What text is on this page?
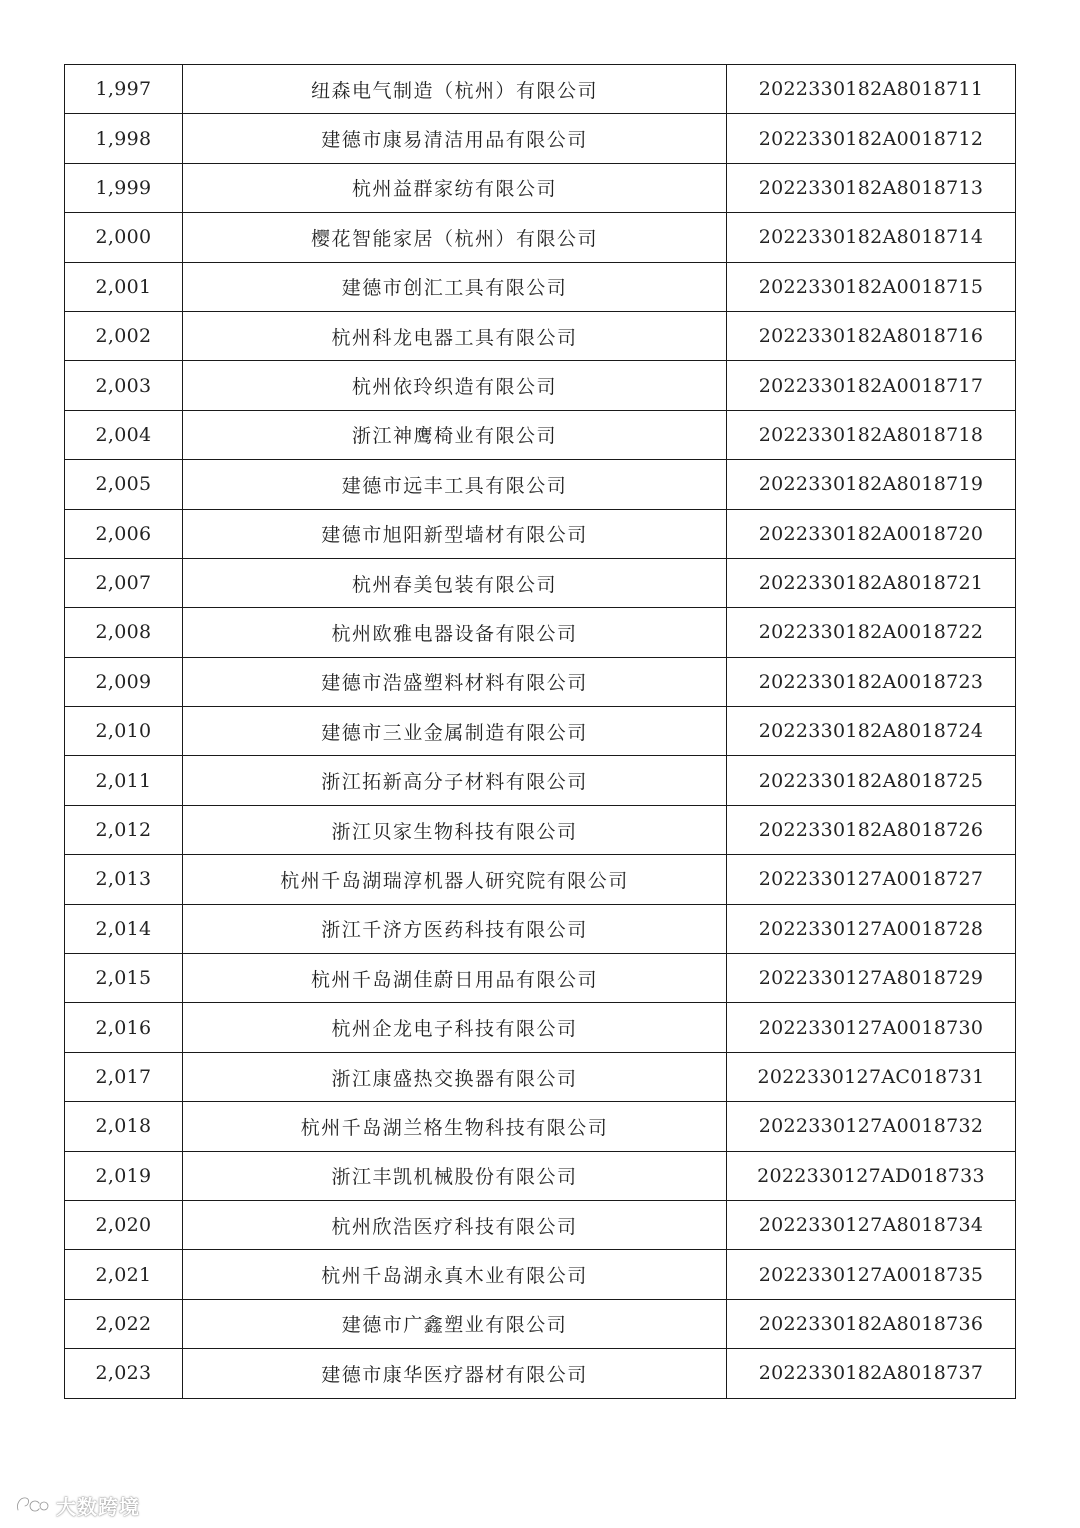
1,997	纽森电气制造（杭州）有限公司	2022330182A8018711
1,998	建德市康易清洁用品有限公司	2022330182A0018712
1,999	杭州益群家纺有限公司	2022330182A8018713
2,000	樱花智能家居（杭州）有限公司	2022330182A8018714
2,001	建德市创汇工具有限公司	2022330182A0018715
2,002	杭州科龙电器工具有限公司	2022330182A8018716
2,003	杭州依玲织造有限公司	2022330182A0018717
2,004	浙江神鹰椅业有限公司	2022330182A8018718
2,005	建德市远丰工具有限公司	2022330182A8018719
2,006	建德市旭阳新型墙材有限公司	2022330182A0018720
2,007	杭州春美包装有限公司	2022330182A8018721
2,008	杭州欧雅电器设备有限公司	2022330182A0018722
2,009	建德市浩盛塑料材料有限公司	2022330182A0018723
2,010	建德市三业金属制造有限公司	2022330182A8018724
2,011	浙江拓新高分子材料有限公司	2022330182A8018725
2,012	浙江贝家生物科技有限公司	2022330182A8018726
2,013	杭州千岛湖瑞淳机器人研究院有限公司	2022330127A0018727
2,014	浙江千济方医药科技有限公司	2022330127A0018728
2,015	杭州千岛湖佳蔚日用品有限公司	2022330127A8018729
2,016	杭州企龙电子科技有限公司	2022330127A0018730
2,017	浙江康盛热交换器有限公司	2022330127AC018731
2,018	杭州千岛湖兰格生物科技有限公司	2022330127A0018732
2,019	浙江丰凯机械股份有限公司	2022330127AD018733
2,020	杭州欣浩医疗科技有限公司	2022330127A8018734
2,021	杭州千岛湖永真木业有限公司	2022330127A0018735
2,022	建德市广鑫塑业有限公司	2022330182A8018736
2,023	建德市康华医疗器材有限公司	2022330182A8018737
大数跨境
